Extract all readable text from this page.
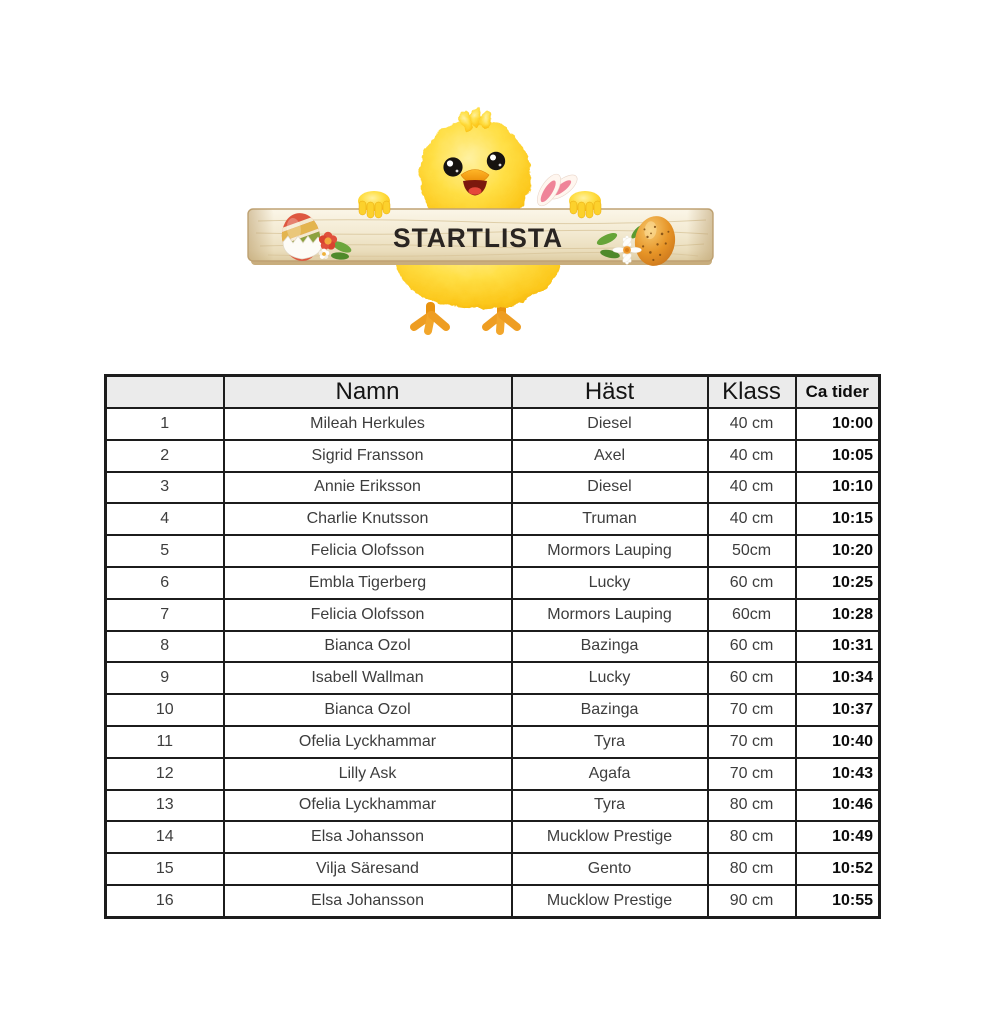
STARTLISTA
	Namn	Häst	Klass	Ca tider
1	Mileah Herkules	Diesel	40 cm	10:00
2	Sigrid Fransson	Axel	40 cm	10:05
3	Annie Eriksson	Diesel	40 cm	10:10
4	Charlie Knutsson	Truman	40 cm	10:15
5	Felicia Olofsson	Mormors Lauping	50cm	10:20
6	Embla Tigerberg	Lucky	60 cm	10:25
7	Felicia Olofsson	Mormors Lauping	60cm	10:28
8	Bianca Ozol	Bazinga	60 cm	10:31
9	Isabell Wallman	Lucky	60 cm	10:34
10	Bianca Ozol	Bazinga	70 cm	10:37
11	Ofelia Lyckhammar	Tyra	70 cm	10:40
12	Lilly Ask	Agafa	70 cm	10:43
13	Ofelia Lyckhammar	Tyra	80 cm	10:46
14	Elsa Johansson	Mucklow Prestige	80 cm	10:49
15	Vilja Säresand	Gento	80 cm	10:52
16	Elsa Johansson	Mucklow Prestige	90 cm	10:55
